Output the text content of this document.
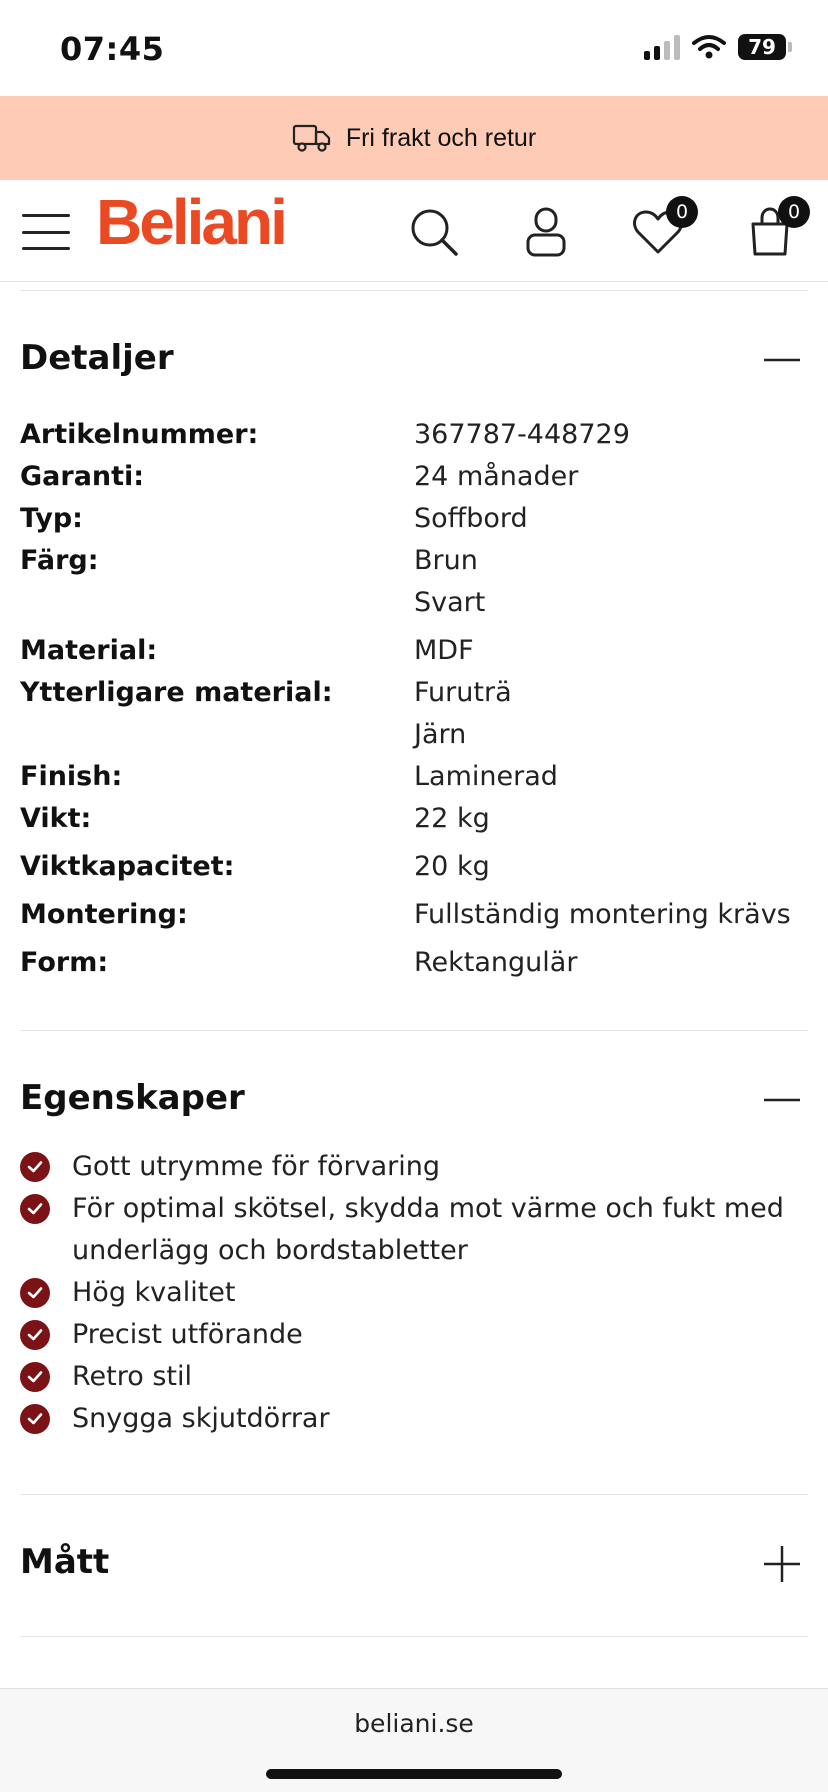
07:45	79
Fri frakt och retur
Beliani	0	0
Detaljer
Artikelnummer:	367787-448729
Garanti:	24 månader
Typ:	Soffbord
Färg:	Brun
Svart
Material:	MDF
Ytterligare material:	Furuträ
Järn
Finish:	Laminerad
Vikt:	22 kg
Viktkapacitet:	20 kg
Montering:	Fullständig montering krävs
Form:	Rektangulär
Egenskaper
Gott utrymme för förvaring
För optimal skötsel, skydda mot värme och fukt med underlägg och bordstabletter
Hög kvalitet
Precist utförande
Retro stil
Snygga skjutdörrar
Mått
beliani.se
